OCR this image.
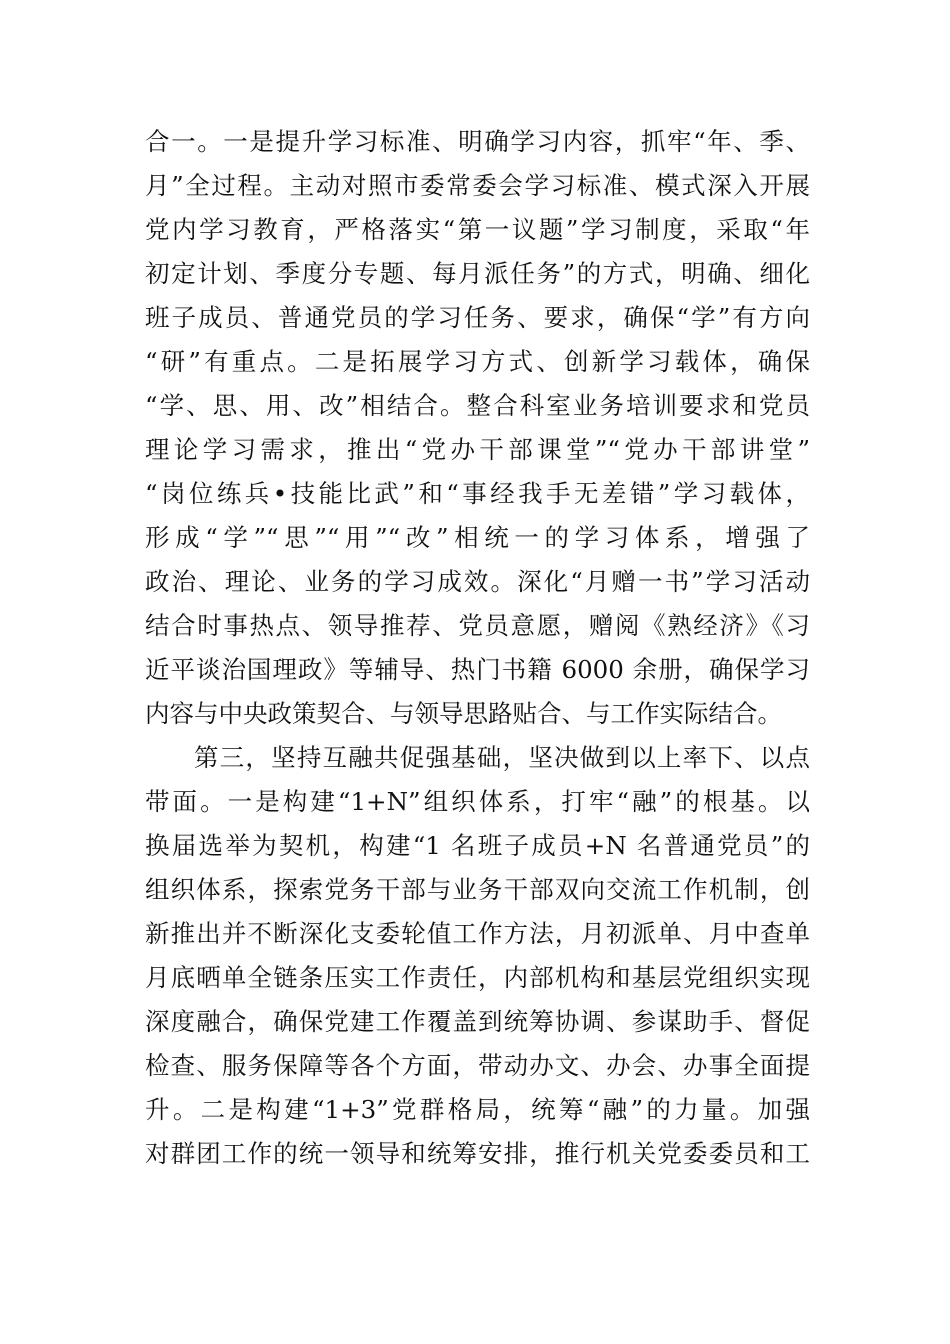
合一。一是提升学习标准、明确学习内容，抓牢“年、季、
月”全过程。主动对照市委常委会学习标准、模式深入开展
党内学习教育，严格落实“第一议题”学习制度，采取“年
初定计划、季度分专题、每月派任务”的方式，明确、细化
班子成员、普通党员的学习任务、要求，确保“学”有方向
“研”有重点。二是拓展学习方式、创新学习载体，确保
“学、思、用、改”相结合。整合科室业务培训要求和党员
理论学习需求，推出“党办干部课堂”“党办干部讲堂”
“岗位练兵•技能比武”和“事经我手无差错”学习载体，
形成“学”“思”“用”“改”相统一的学习体系，增强了
政治、理论、业务的学习成效。深化“月赠一书”学习活动
结合时事热点、领导推荐、党员意愿，赠阅《熟经济》《习
近平谈治国理政》等辅导、热门书籍 6000 余册，确保学习
内容与中央政策契合、与领导思路贴合、与工作实际结合。
第三，坚持互融共促强基础，坚决做到以上率下、以点
带面。一是构建“1+N”组织体系，打牢“融”的根基。以
换届选举为契机，构建“1 名班子成员+N 名普通党员”的
组织体系，探索党务干部与业务干部双向交流工作机制，创
新推出并不断深化支委轮值工作方法，月初派单、月中查单
月底晒单全链条压实工作责任，内部机构和基层党组织实现
深度融合，确保党建工作覆盖到统筹协调、参谋助手、督促
检查、服务保障等各个方面，带动办文、办会、办事全面提
升。二是构建“1+3”党群格局，统筹“融”的力量。加强
对群团工作的统一领导和统筹安排，推行机关党委委员和工
